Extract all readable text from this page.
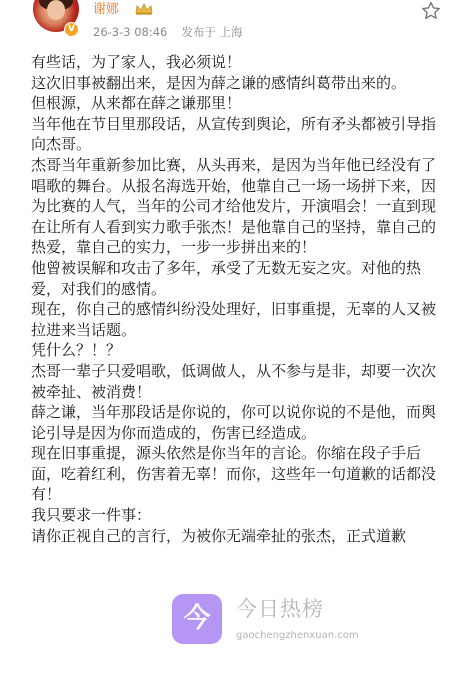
V
谢娜
26-3-3 08:46 发布于 上海

有些话，为了家人，我必须说！

这次旧事被翻出来，是因为薛之谦的感情纠葛带出来的。

但根源，从来都在薛之谦那里！

当年他在节目里那段话，从宣传到舆论，所有矛头都被引导指向杰哥。

杰哥当年重新参加比赛，从头再来，是因为当年他已经没有了唱歌的舞台。从报名海选开始，他靠自己一场一场拼下来，因为比赛的人气，当年的公司才给他发片，开演唱会！一直到现在让所有人看到实力歌手张杰！是他靠自己的坚持，靠自己的热爱，靠自己的实力，一步一步拼出来的！

他曾被误解和攻击了多年，承受了无数无妄之灾。对他的热爱，对我们的感情。

现在，你自己的感情纠纷没处理好，旧事重提，无辜的人又被拉进来当话题。

凭什么？！？

杰哥一辈子只爱唱歌，低调做人，从不参与是非，却要一次次被牵扯、被消费！

薛之谦，当年那段话是你说的，你可以说你说的不是他，而舆论引导是因为你而造成的，伤害已经造成。

现在旧事重提，源头依然是你当年的言论。你缩在段子手后面，吃着红利，伤害着无辜！而你，这些年一句道歉的话都没有！

我只要求一件事：

请你正视自己的言行，为被你无端牵扯的张杰，正式道歉

今	今日热榜
gaochengzhenxuan.com
